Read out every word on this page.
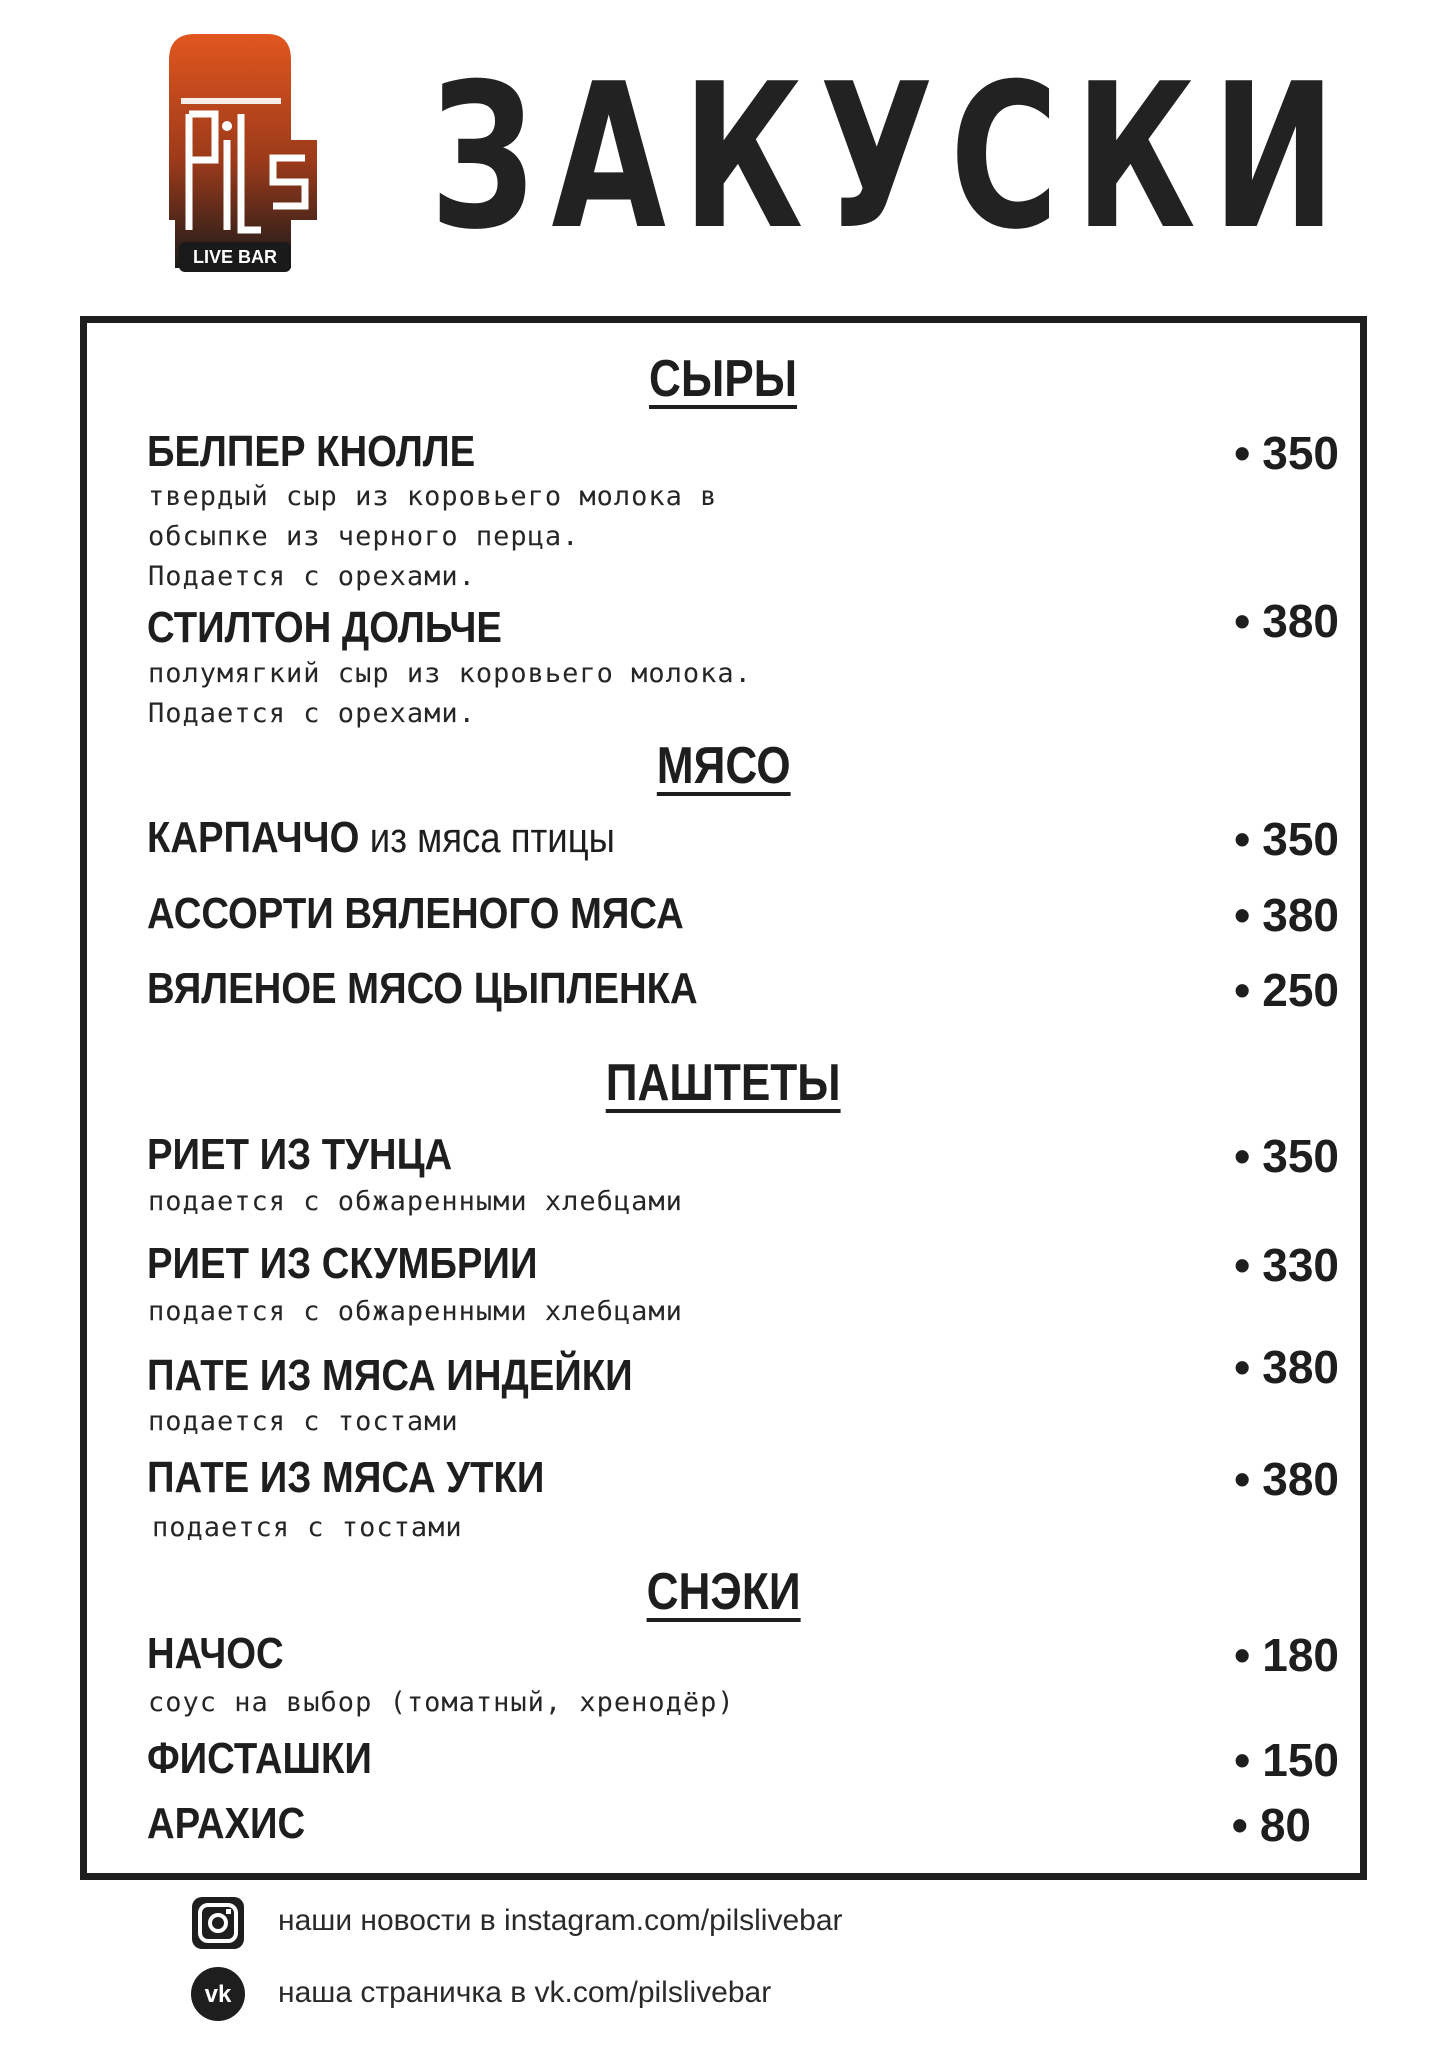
LIVE BAR ЗАКУСКИ
СЫРЫ
БЕЛПЕР КНОЛЛЕ	• 350
твердый сыр из коровьего молока в
обсыпке из черного перца.
Подается с орехами.
СТИЛТОН ДОЛЬЧЕ	• 380
полумягкий сыр из коровьего молока.
Подается с орехами.
МЯСО
КАРПАЧЧО из мяса птицы	• 350
АССОРТИ ВЯЛЕНОГО МЯСА	• 380
ВЯЛЕНОЕ МЯСО ЦЫПЛЕНКА	• 250
ПАШТЕТЫ
РИЕТ ИЗ ТУНЦА	• 350
подается с обжаренными хлебцами
РИЕТ ИЗ СКУМБРИИ	• 330
подается с обжаренными хлебцами
ПАТЕ ИЗ МЯСА ИНДЕЙКИ	• 380
подается с тостами
ПАТЕ ИЗ МЯСА УТКИ	• 380
подается с тостами
СНЭКИ
НАЧОС	• 180
соус на выбор (томатный, хренодёр)
ФИСТАШКИ	• 150
АРАХИС	• 80
наши новости в instagram.com/pilslivebar
vk наша страничка в vk.com/pilslivebar
